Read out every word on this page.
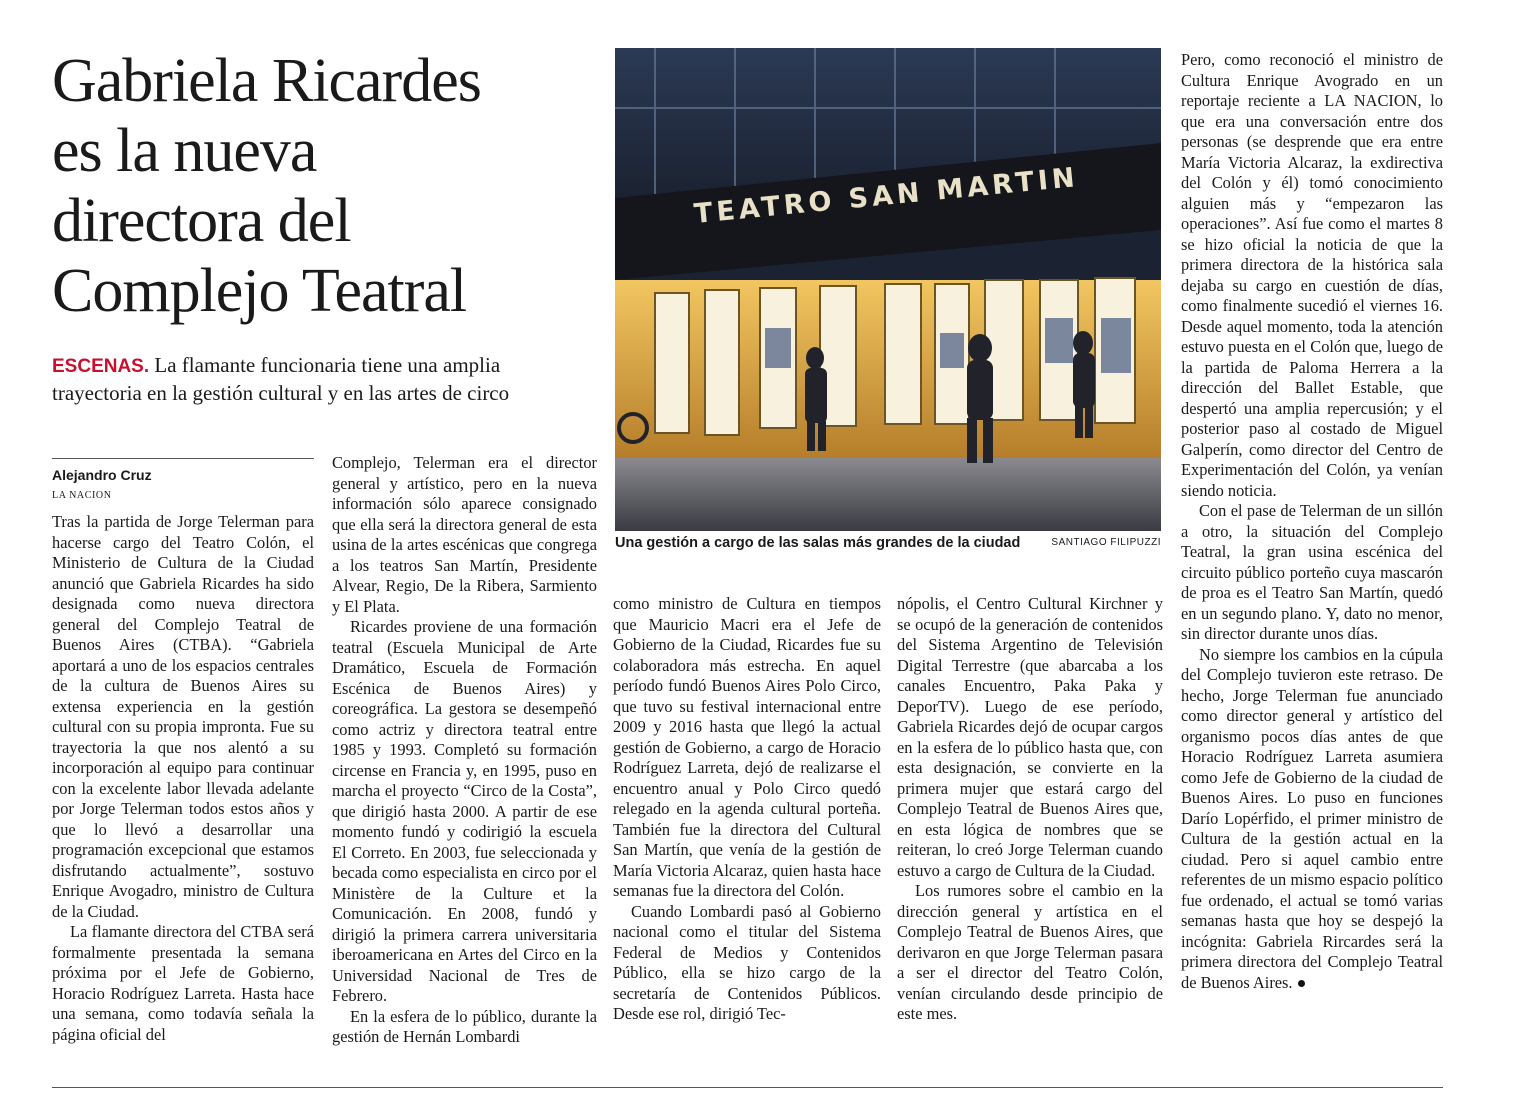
Gabriela Ricardes
es la nueva
directora del
Complejo Teatral
ESCENAS. La flamante funcionaria tiene una amplia
trayectoria en la gestión cultural y en las artes de circo
Alejandro Cruz
LA NACION

Tras la partida de Jorge Telerman para hacerse cargo del Teatro Colón, el Ministerio de Cultura de la Ciudad anunció que Gabriela Ricardes ha sido designada como nueva directora general del Complejo Teatral de Buenos Aires (CTBA). “Gabriela aportará a uno de los espacios centrales de la cultura de Buenos Aires su extensa experiencia en la gestión cultural con su propia impronta. Fue su trayectoria la que nos alentó a su incorporación al equipo para continuar con la excelente labor llevada adelante por Jorge Telerman todos estos años y que lo llevó a desarrollar una programación excepcional que estamos disfrutando actualmente”, sostuvo Enrique Avogadro, ministro de Cultura de la Ciudad.

La flamante directora del CTBA será formalmente presentada la semana próxima por el Jefe de Gobierno, Horacio Rodríguez Larreta. Hasta hace una semana, como todavía señala la página oficial del

Complejo, Telerman era el director general y artístico, pero en la nueva información sólo aparece consignado que ella será la directora general de esta usina de la artes escénicas que congrega a los teatros San Martín, Presidente Alvear, Regio, De la Ribera, Sarmiento y El Plata.

Ricardes proviene de una formación teatral (Escuela Municipal de Arte Dramático, Escuela de Formación Escénica de Buenos Aires) y coreográfica. La gestora se desempeñó como actriz y directora teatral entre 1985 y 1993. Completó su formación circense en Francia y, en 1995, puso en marcha el proyecto “Circo de la Costa”, que dirigió hasta 2000. A partir de ese momento fundó y codirigió la escuela El Correto. En 2003, fue seleccionada y becada como especialista en circo por el Ministère de la Culture et la Comunicación. En 2008, fundó y dirigió la primera carrera universitaria iberoamericana en Artes del Circo en la Universidad Nacional de Tres de Febrero.

En la esfera de lo público, durante la gestión de Hernán Lombardi

TEATRO SAN MARTIN
Una gestión a cargo de las salas más grandes de la ciudad	SANTIAGO FILIPUZZI

como ministro de Cultura en tiempos que Mauricio Macri era el Jefe de Gobierno de la Ciudad, Ricardes fue su colaboradora más estrecha. En aquel período fundó Buenos Aires Polo Circo, que tuvo su festival internacional entre 2009 y 2016 hasta que llegó la actual gestión de Gobierno, a cargo de Horacio Rodríguez Larreta, dejó de realizarse el encuentro anual y Polo Circo quedó relegado en la agenda cultural porteña. También fue la directora del Cultural San Martín, que venía de la gestión de María Victoria Alcaraz, quien hasta hace semanas fue la directora del Colón.

Cuando Lombardi pasó al Gobierno nacional como el titular del Sistema Federal de Medios y Contenidos Público, ella se hizo cargo de la secretaría de Contenidos Públicos. Desde ese rol, dirigió Tec-

nópolis, el Centro Cultural Kirchner y se ocupó de la generación de contenidos del Sistema Argentino de Televisión Digital Terrestre (que abarcaba a los canales Encuentro, Paka Paka y DeporTV). Luego de ese período, Gabriela Ricardes dejó de ocupar cargos en la esfera de lo público hasta que, con esta designación, se convierte en la primera mujer que estará cargo del Complejo Teatral de Buenos Aires que, en esta lógica de nombres que se reiteran, lo creó Jorge Telerman cuando estuvo a cargo de Cultura de la Ciudad.

Los rumores sobre el cambio en la dirección general y artística en el Complejo Teatral de Buenos Aires, que derivaron en que Jorge Telerman pasara a ser el director del Teatro Colón, venían circulando desde principio de este mes.

Pero, como reconoció el ministro de Cultura Enrique Avogrado en un reportaje reciente a LA NACION, lo que era una conversación entre dos personas (se desprende que era entre María Victoria Alcaraz, la exdirectiva del Colón y él) tomó conocimiento alguien más y “empezaron las operaciones”. Así fue como el martes 8 se hizo oficial la noticia de que la primera directora de la histórica sala dejaba su cargo en cuestión de días, como finalmente sucedió el viernes 16. Desde aquel momento, toda la atención estuvo puesta en el Colón que, luego de la partida de Paloma Herrera a la dirección del Ballet Estable, que despertó una amplia repercusión; y el posterior paso al costado de Miguel Galperín, como director del Centro de Experimentación del Colón, ya venían siendo noticia.

Con el pase de Telerman de un sillón a otro, la situación del Complejo Teatral, la gran usina escénica del circuito público porteño cuya mascarón de proa es el Teatro San Martín, quedó en un segundo plano. Y, dato no menor, sin director durante unos días.

No siempre los cambios en la cúpula del Complejo tuvieron este retraso. De hecho, Jorge Telerman fue anunciado como director general y artístico del organismo pocos días antes de que Horacio Rodríguez Larreta asumiera como Jefe de Gobierno de la ciudad de Buenos Aires. Lo puso en funciones Darío Lopérfido, el primer ministro de Cultura de la gestión actual en la ciudad. Pero si aquel cambio entre referentes de un mismo espacio político fue ordenado, el actual se tomó varias semanas hasta que hoy se despejó la incógnita: Gabriela Rircardes será la primera directora del Complejo Teatral de Buenos Aires.
